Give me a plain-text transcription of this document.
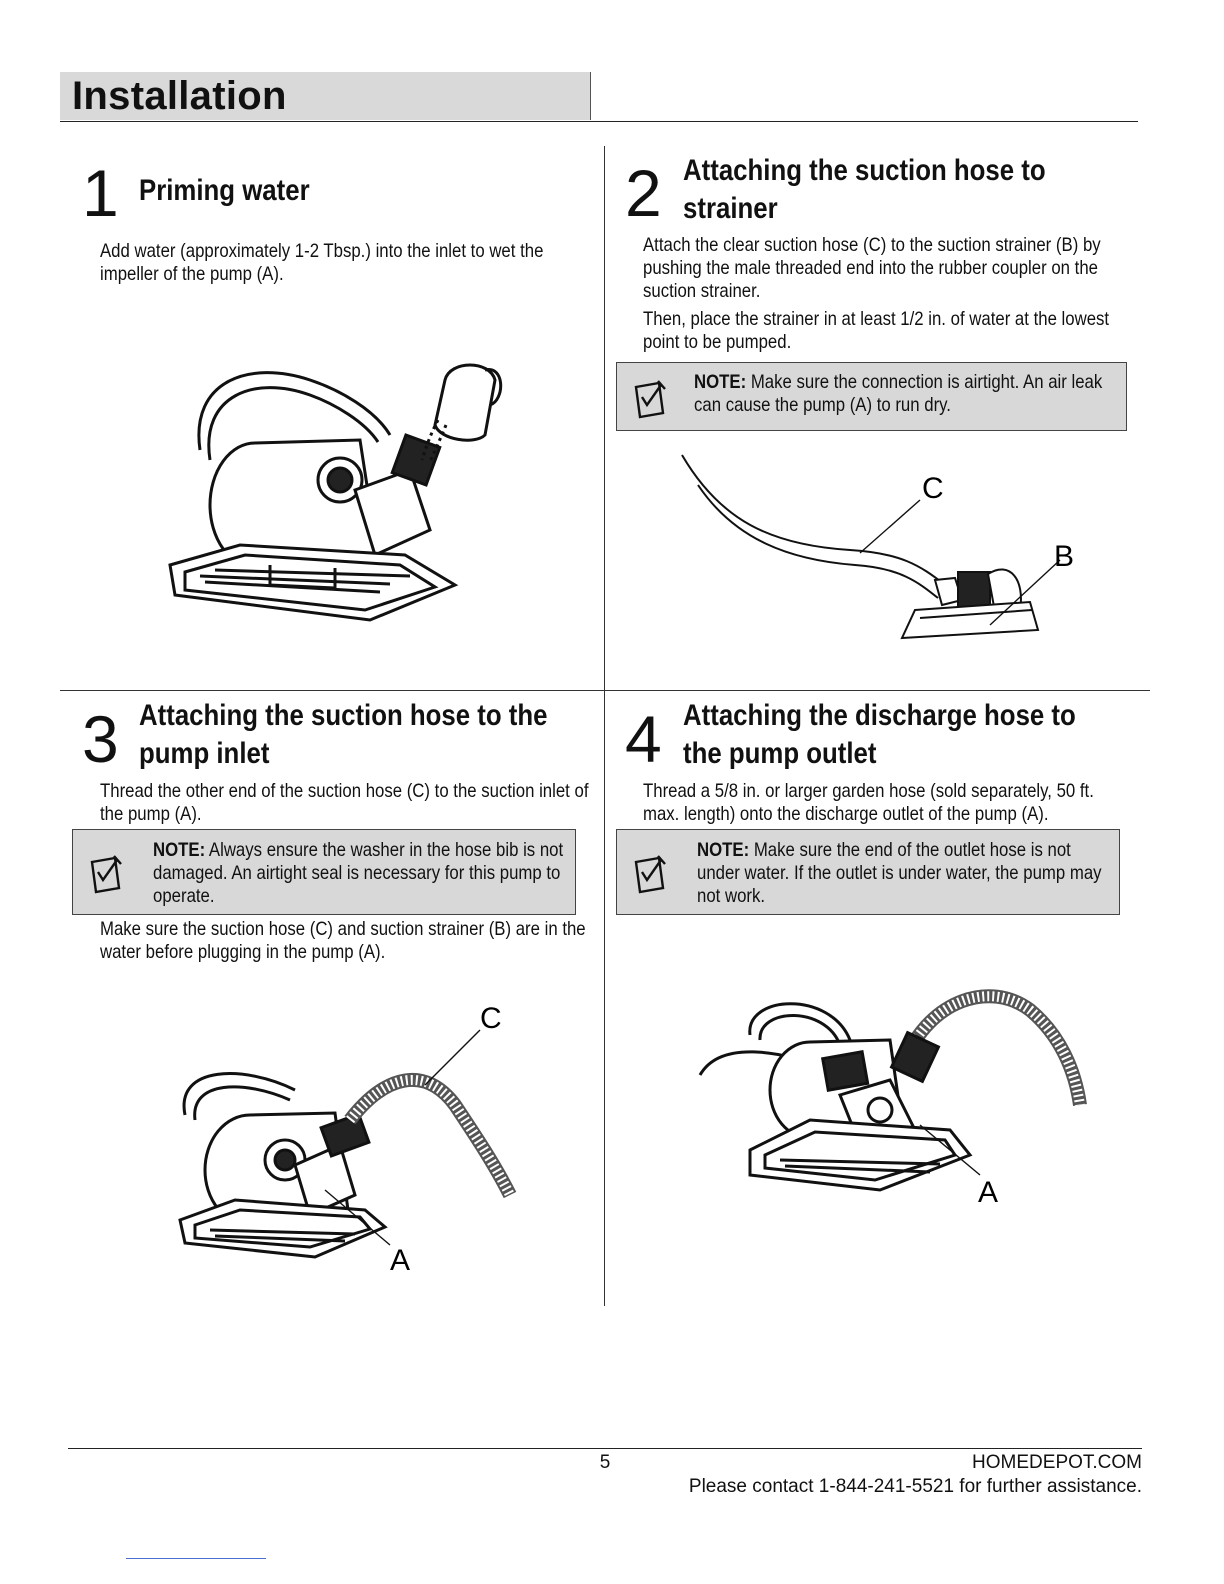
Installation
1 Priming water

Add water (approximately 1-2 Tbsp.) into the inlet to wet the impeller of the pump (A).

2 Attaching the suction hose to
strainer

Attach the clear suction hose (C) to the suction strainer (B) by pushing the male threaded end into the rubber coupler on the suction strainer.

Then, place the strainer in at least 1/2 in. of water at the lowest point to be pumped.

NOTE: Make sure the connection is airtight. An air leak can cause the pump (A) to run dry.

C
B
3 Attaching the suction hose to the
pump inlet

Thread the other end of the suction hose (C) to the suction inlet of the pump (A).

NOTE: Always ensure the washer in the hose bib is not damaged. An airtight seal is necessary for this pump to operate.

Make sure the suction hose (C) and suction strainer (B) are in the water before plugging in the pump (A).

C
A
4 Attaching the discharge hose to
the pump outlet

Thread a 5/8 in. or larger garden hose (sold separately, 50 ft. max. length) onto the discharge outlet of the pump (A).

NOTE: Make sure the end of the outlet hose is not under water. If the outlet is under water, the pump may not work.

A
5	HOMEDEPOT.COM
Please contact 1-844-241-5521 for further assistance.
